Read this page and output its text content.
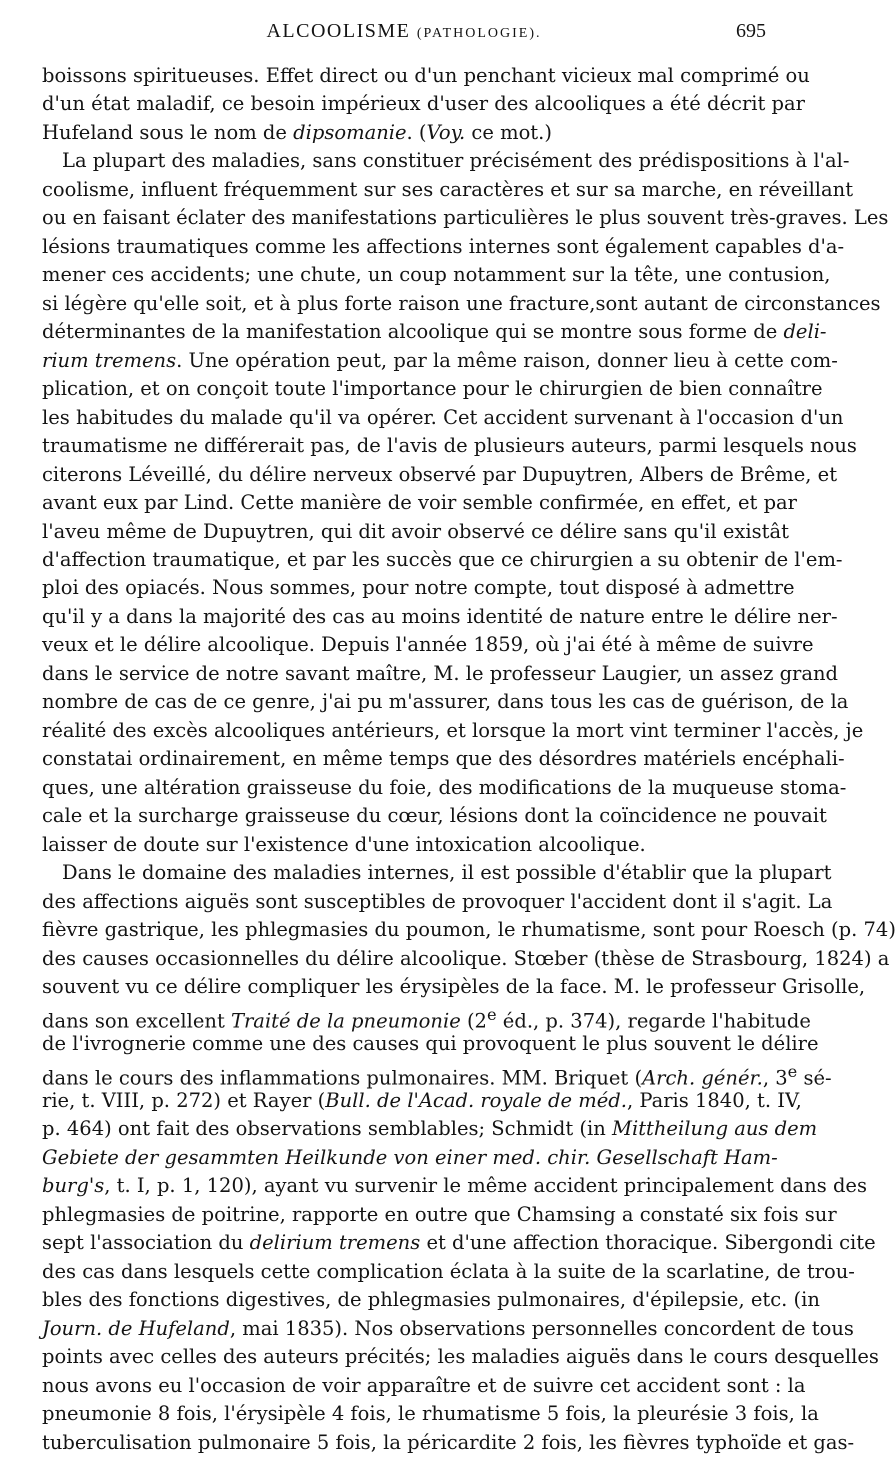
ALCOOLISME (PATHOLOGIE).	695
boissons spiritueuses. Effet direct ou d'un penchant vicieux mal comprimé ou
d'un état maladif, ce besoin impérieux d'user des alcooliques a été décrit par
Hufeland sous le nom de dipsomanie. (Voy. ce mot.)
La plupart des maladies, sans constituer précisément des prédispositions à l'al-
coolisme, influent fréquemment sur ses caractères et sur sa marche, en réveillant
ou en faisant éclater des manifestations particulières le plus souvent très-graves. Les
lésions traumatiques comme les affections internes sont également capables d'a-
mener ces accidents; une chute, un coup notamment sur la tête, une contusion,
si légère qu'elle soit, et à plus forte raison une fracture,sont autant de circonstances
déterminantes de la manifestation alcoolique qui se montre sous forme de deli-
rium tremens. Une opération peut, par la même raison, donner lieu à cette com-
plication, et on conçoit toute l'importance pour le chirurgien de bien connaître
les habitudes du malade qu'il va opérer. Cet accident survenant à l'occasion d'un
traumatisme ne différerait pas, de l'avis de plusieurs auteurs, parmi lesquels nous
citerons Léveillé, du délire nerveux observé par Dupuytren, Albers de Brême, et
avant eux par Lind. Cette manière de voir semble confirmée, en effet, et par
l'aveu même de Dupuytren, qui dit avoir observé ce délire sans qu'il existât
d'affection traumatique, et par les succès que ce chirurgien a su obtenir de l'em-
ploi des opiacés. Nous sommes, pour notre compte, tout disposé à admettre
qu'il y a dans la majorité des cas au moins identité de nature entre le délire ner-
veux et le délire alcoolique. Depuis l'année 1859, où j'ai été à même de suivre
dans le service de notre savant maître, M. le professeur Laugier, un assez grand
nombre de cas de ce genre, j'ai pu m'assurer, dans tous les cas de guérison, de la
réalité des excès alcooliques antérieurs, et lorsque la mort vint terminer l'accès, je
constatai ordinairement, en même temps que des désordres matériels encéphali-
ques, une altération graisseuse du foie, des modifications de la muqueuse stoma-
cale et la surcharge graisseuse du cœur, lésions dont la coïncidence ne pouvait
laisser de doute sur l'existence d'une intoxication alcoolique.
Dans le domaine des maladies internes, il est possible d'établir que la plupart
des affections aiguës sont susceptibles de provoquer l'accident dont il s'agit. La
fièvre gastrique, les phlegmasies du poumon, le rhumatisme, sont pour Roesch (p. 74)
des causes occasionnelles du délire alcoolique. Stœber (thèse de Strasbourg, 1824) a
souvent vu ce délire compliquer les érysipèles de la face. M. le professeur Grisolle,
dans son excellent Traité de la pneumonie (2e éd., p. 374), regarde l'habitude
de l'ivrognerie comme une des causes qui provoquent le plus souvent le délire
dans le cours des inflammations pulmonaires. MM. Briquet (Arch. génér., 3e sé-
rie, t. VIII, p. 272) et Rayer (Bull. de l'Acad. royale de méd., Paris 1840, t. IV,
p. 464) ont fait des observations semblables; Schmidt (in Mittheilung aus dem
Gebiete der gesammten Heilkunde von einer med. chir. Gesellschaft Ham-
burg's, t. I, p. 1, 120), ayant vu survenir le même accident principalement dans des
phlegmasies de poitrine, rapporte en outre que Chamsing a constaté six fois sur
sept l'association du delirium tremens et d'une affection thoracique. Sibergondi cite
des cas dans lesquels cette complication éclata à la suite de la scarlatine, de trou-
bles des fonctions digestives, de phlegmasies pulmonaires, d'épilepsie, etc. (in
Journ. de Hufeland, mai 1835). Nos observations personnelles concordent de tous
points avec celles des auteurs précités; les maladies aiguës dans le cours desquelles
nous avons eu l'occasion de voir apparaître et de suivre cet accident sont : la
pneumonie 8 fois, l'érysipèle 4 fois, le rhumatisme 5 fois, la pleurésie 3 fois, la
tuberculisation pulmonaire 5 fois, la péricardite 2 fois, les fièvres typhoïde et gas-
